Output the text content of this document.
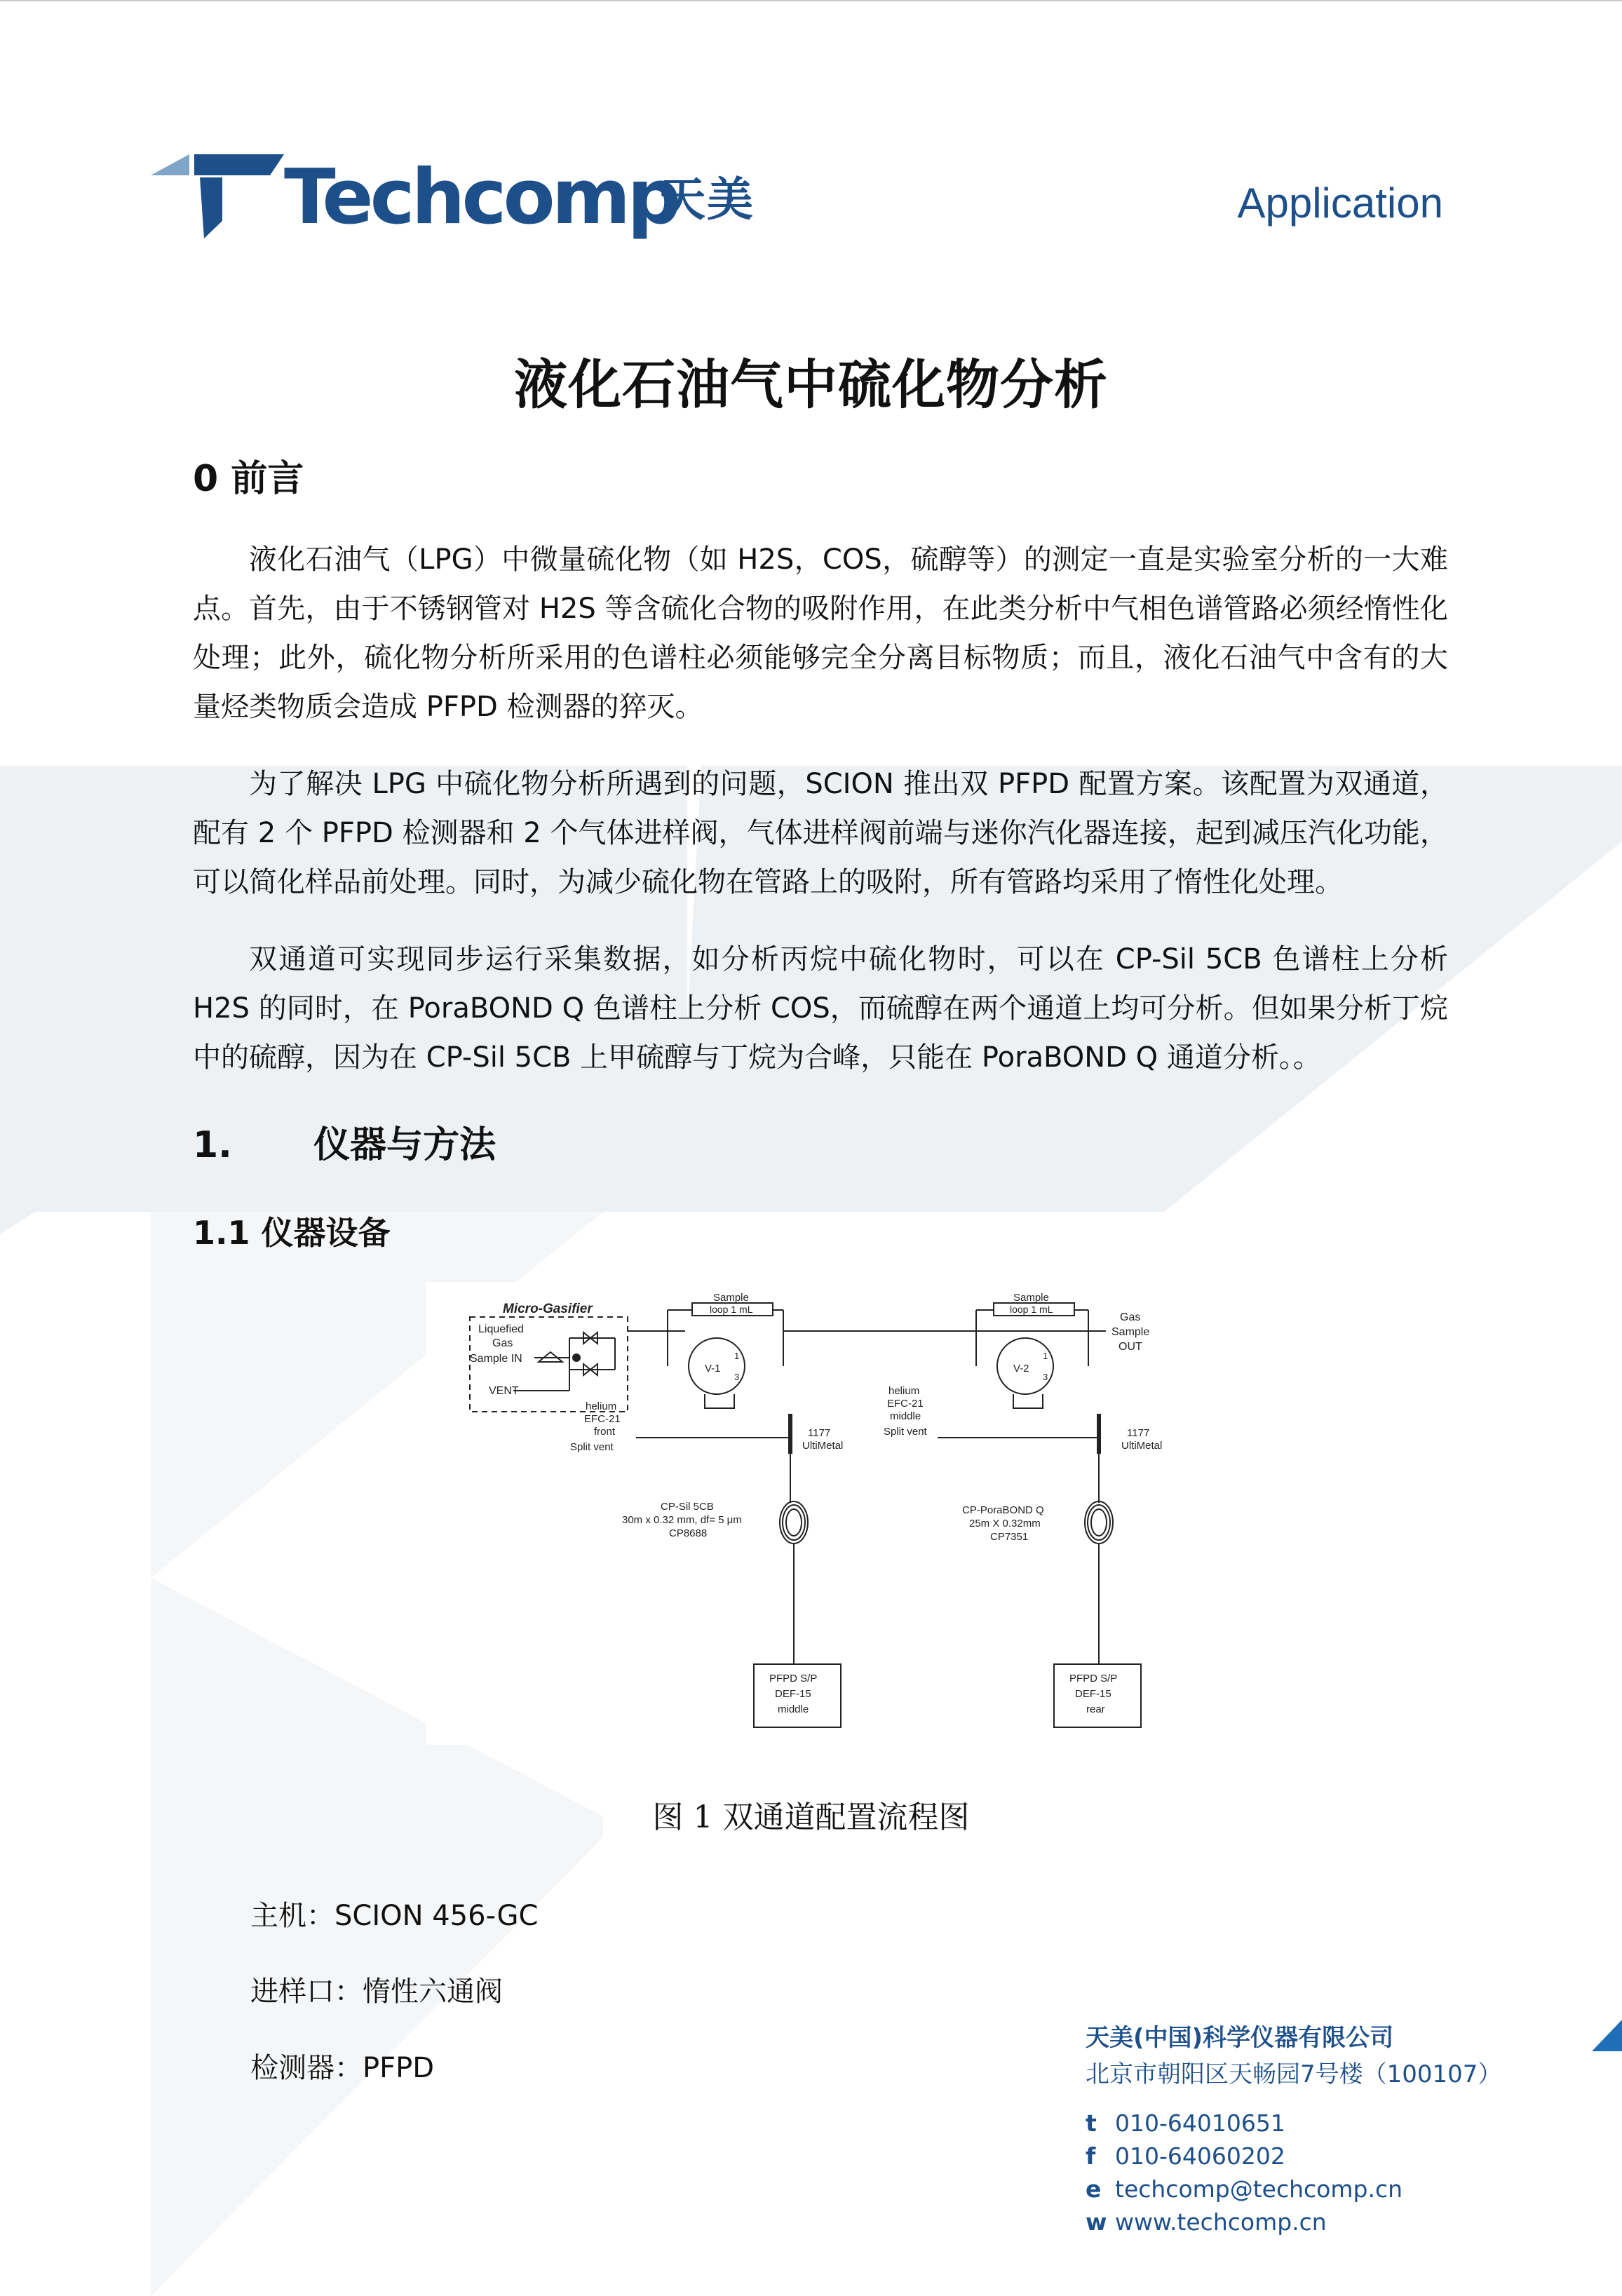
Techcomp
天美	Application
液化石油气中硫化物分析
0 前言

液化石油气（LPG）中微量硫化物（如 H2S，COS，硫醇等）的测定一直是实验室分析的一大难点。首先，由于不锈钢管对 H2S 等含硫化合物的吸附作用，在此类分析中气相色谱管路必须经惰性化处理；此外，硫化物分析所采用的色谱柱必须能够完全分离目标物质；而且，液化石油气中含有的大量烃类物质会造成 PFPD 检测器的猝灭。

为了解决 LPG 中硫化物分析所遇到的问题，SCION 推出双 PFPD 配置方案。该配置为双通道，配有 2 个 PFPD 检测器和 2 个气体进样阀，气体进样阀前端与迷你汽化器连接，起到减压汽化功能，可以简化样品前处理。同时，为减少硫化物在管路上的吸附，所有管路均采用了惰性化处理。

双通道可实现同步运行采集数据，如分析丙烷中硫化物时，可以在 CP-Sil 5CB 色谱柱上分析 H2S 的同时，在 PoraBOND Q 色谱柱上分析 COS，而硫醇在两个通道上均可分析。但如果分析丁烷中的硫醇，因为在 CP-Sil 5CB 上甲硫醇与丁烷为合峰，只能在 PoraBOND Q 通道分析。。

1. 仪器与方法
1.1 仪器设备
Micro-Gasifier
Liquefied
Gas
Sample IN
VENT
Sample
loop 1 mL
V-1
1
3
Sample
loop 1 mL
V-2
1
3
Gas
Sample
OUT
helium
EFC-21
front
Split vent
helium
EFC-21
middle
Split vent
1177
UltiMetal
1177
UltiMetal
CP-Sil 5CB
30m x 0.32 mm, df= 5 μm
CP8688
CP-PoraBOND Q
25m X 0.32mm
CP7351
PFPD S/P
DEF-15
middle
PFPD S/P
DEF-15
rear
图 1 双通道配置流程图
主机：SCION 456-GC
进样口：惰性六通阀
检测器：PFPD
天美(中国)科学仪器有限公司
北京市朝阳区天畅园7号楼（100107）
t 010-64010651
f 010-64060202
e techcomp@techcomp.cn
w www.techcomp.cn
